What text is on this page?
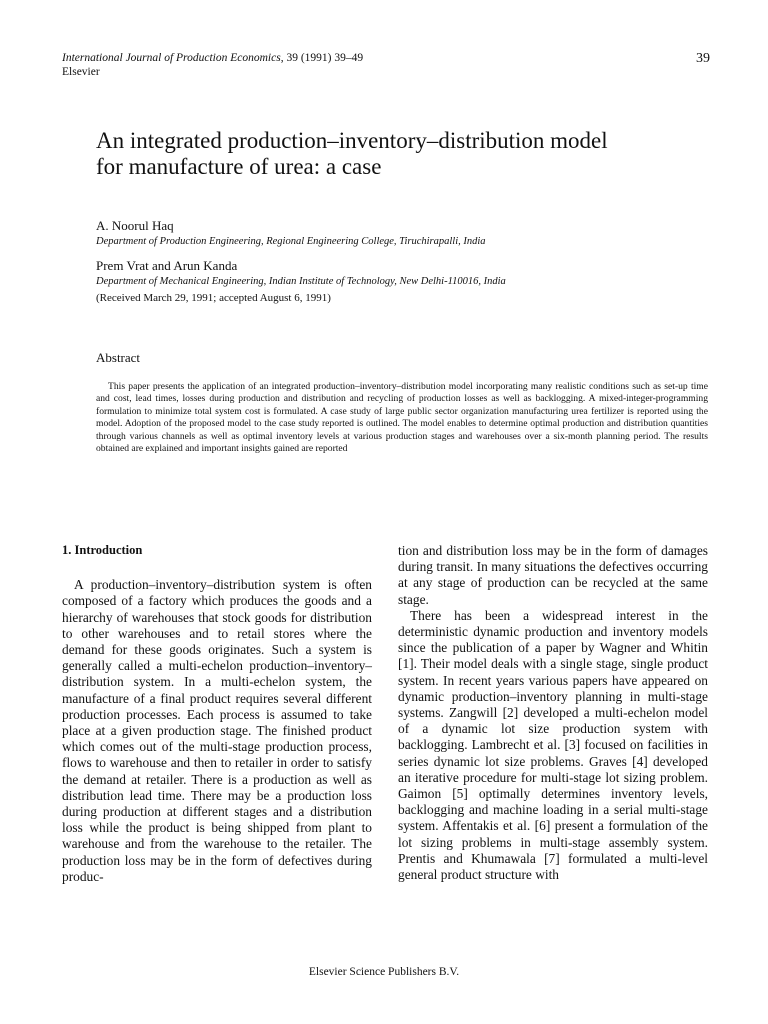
International Journal of Production Economics, 39 (1991) 39–49
Elsevier
39
An integrated production–inventory–distribution model
for manufacture of urea: a case
A. Noorul Haq
Department of Production Engineering, Regional Engineering College, Tiruchirapalli, India
Prem Vrat and Arun Kanda
Department of Mechanical Engineering, Indian Institute of Technology, New Delhi-110016, India
(Received March 29, 1991; accepted August 6, 1991)
Abstract

This paper presents the application of an integrated production–inventory–distribution model incorporating many realistic conditions such as set-up time and cost, lead times, losses during production and distribution and recycling of production losses as well as backlogging. A mixed-integer-programming formulation to minimize total system cost is formulated. A case study of large public sector organization manufacturing urea fertilizer is reported using the model. Adoption of the proposed model to the case study reported is outlined. The model enables to determine optimal production and distribution quantities through various channels as well as optimal inventory levels at various production stages and warehouses over a six-month planning period. The results obtained are explained and important insights gained are reported

1. Introduction

A production–inventory–distribution system is often composed of a factory which produces the goods and a hierarchy of warehouses that stock goods for distribution to other warehouses and to retail stores where the demand for these goods originates. Such a system is generally called a multi-echelon production–inventory–distribution system. In a multi-echelon system, the manufacture of a final product requires several different production processes. Each process is assumed to take place at a given production stage. The finished product which comes out of the multi-stage production process, flows to warehouse and then to retailer in order to satisfy the demand at retailer. There is a production as well as distribution lead time. There may be a production loss during production at different stages and a distribution loss while the product is being shipped from plant to warehouse and from the warehouse to the retailer. The production loss may be in the form of defectives during produc-

tion and distribution loss may be in the form of damages during transit. In many situations the defectives occurring at any stage of production can be recycled at the same stage.

There has been a widespread interest in the deterministic dynamic production and inventory models since the publication of a paper by Wagner and Whitin [1]. Their model deals with a single stage, single product system. In recent years various papers have appeared on dynamic production–inventory planning in multi-stage systems. Zangwill [2] developed a multi-echelon model of a dynamic lot size production system with backlogging. Lambrecht et al. [3] focused on facilities in series dynamic lot size problems. Graves [4] developed an iterative procedure for multi-stage lot sizing problem. Gaimon [5] optimally determines inventory levels, backlogging and machine loading in a serial multi-stage system. Affentakis et al. [6] present a formulation of the lot sizing problems in multi-stage assembly system. Prentis and Khumawala [7] formulated a multi-level general product structure with

Elsevier Science Publishers B.V.
